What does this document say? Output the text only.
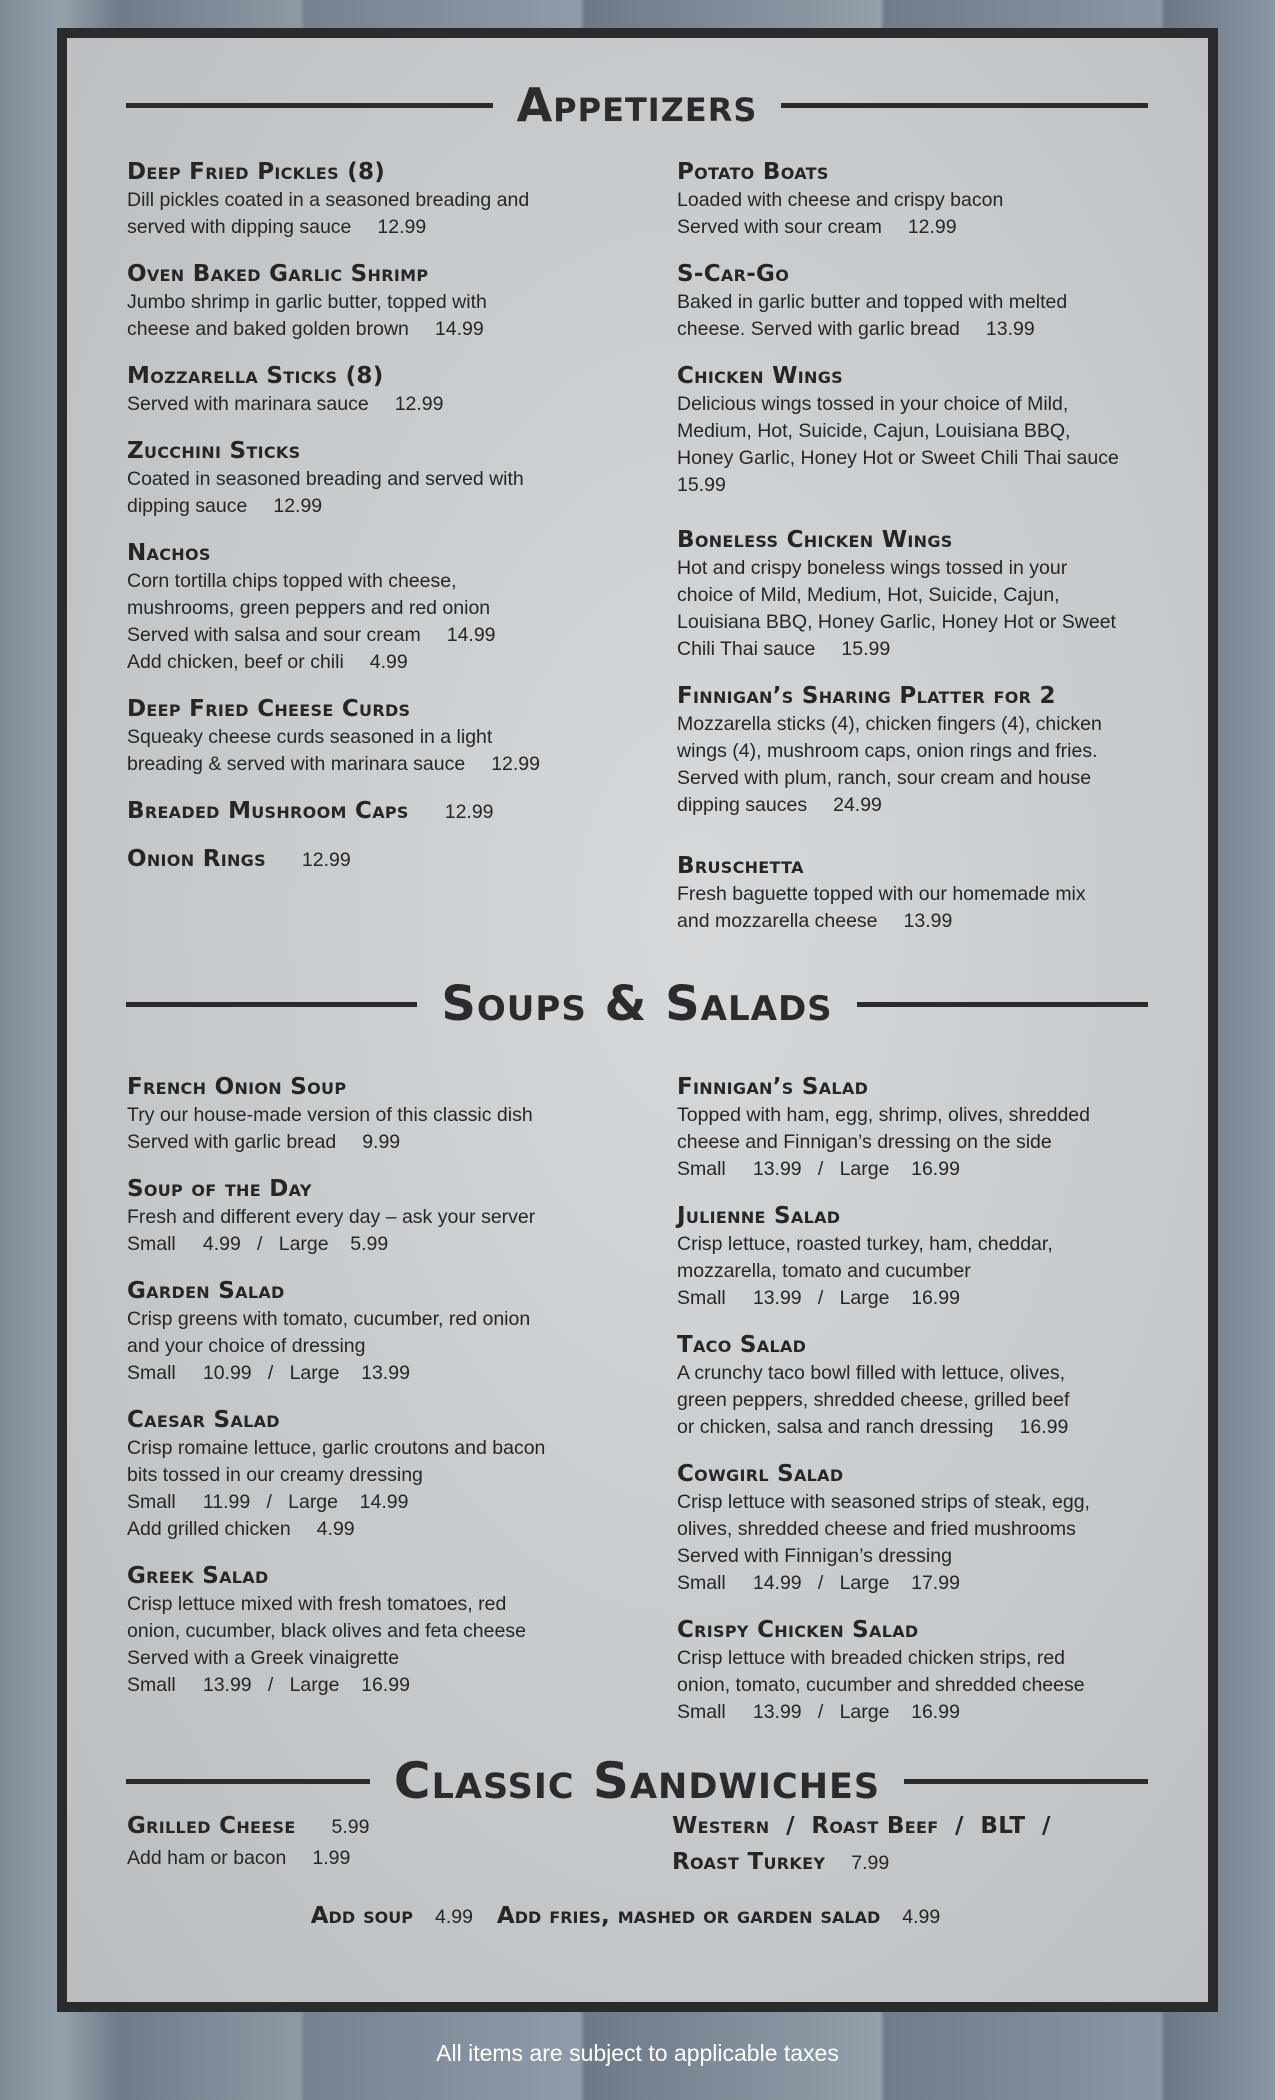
Appetizers
Deep Fried Pickles (8)
Dill pickles coated in a seasoned breading and
served with dipping sauce 12.99
Oven Baked Garlic Shrimp
Jumbo shrimp in garlic butter, topped with
cheese and baked golden brown 14.99
Mozzarella Sticks (8)
Served with marinara sauce 12.99
Zucchini Sticks
Coated in seasoned breading and served with
dipping sauce 12.99
Nachos
Corn tortilla chips topped with cheese,
mushrooms, green peppers and red onion
Served with salsa and sour cream 14.99
Add chicken, beef or chili 4.99
Deep Fried Cheese Curds
Squeaky cheese curds seasoned in a light
breading & served with marinara sauce 12.99
Breaded Mushroom Caps 12.99
Onion Rings 12.99
Potato Boats
Loaded with cheese and crispy bacon
Served with sour cream 12.99
S-Car-Go
Baked in garlic butter and topped with melted
cheese. Served with garlic bread 13.99
Chicken Wings
Delicious wings tossed in your choice of Mild,
Medium, Hot, Suicide, Cajun, Louisiana BBQ,
Honey Garlic, Honey Hot or Sweet Chili Thai sauce
15.99
Boneless Chicken Wings
Hot and crispy boneless wings tossed in your
choice of Mild, Medium, Hot, Suicide, Cajun,
Louisiana BBQ, Honey Garlic, Honey Hot or Sweet
Chili Thai sauce 15.99
Finnigan’s Sharing Platter for 2
Mozzarella sticks (4), chicken fingers (4), chicken
wings (4), mushroom caps, onion rings and fries.
Served with plum, ranch, sour cream and house
dipping sauces 24.99
Bruschetta
Fresh baguette topped with our homemade mix
and mozzarella cheese 13.99
Soups & Salads
French Onion Soup
Try our house-made version of this classic dish
Served with garlic bread 9.99
Soup of the Day
Fresh and different every day – ask your server
Small     4.99   /   Large    5.99
Garden Salad
Crisp greens with tomato, cucumber, red onion
and your choice of dressing
Small     10.99   /   Large    13.99
Caesar Salad
Crisp romaine lettuce, garlic croutons and bacon
bits tossed in our creamy dressing
Small     11.99   /   Large    14.99
Add grilled chicken 4.99
Greek Salad
Crisp lettuce mixed with fresh tomatoes, red
onion, cucumber, black olives and feta cheese
Served with a Greek vinaigrette
Small     13.99   /   Large    16.99
Finnigan’s Salad
Topped with ham, egg, shrimp, olives, shredded
cheese and Finnigan’s dressing on the side
Small     13.99   /   Large    16.99
Julienne Salad
Crisp lettuce, roasted turkey, ham, cheddar,
mozzarella, tomato and cucumber
Small     13.99   /   Large    16.99
Taco Salad
A crunchy taco bowl filled with lettuce, olives,
green peppers, shredded cheese, grilled beef
or chicken, salsa and ranch dressing 16.99
Cowgirl Salad
Crisp lettuce with seasoned strips of steak, egg,
olives, shredded cheese and fried mushrooms
Served with Finnigan’s dressing
Small     14.99   /   Large    17.99
Crispy Chicken Salad
Crisp lettuce with breaded chicken strips, red
onion, tomato, cucumber and shredded cheese
Small     13.99   /   Large    16.99
Classic Sandwiches
Grilled Cheese 5.99
Add ham or bacon 1.99
Western  /  Roast Beef  /  BLT  /
Roast Turkey 7.99
Add soup 4.99 Add fries, mashed or garden salad 4.99
All items are subject to applicable taxes
